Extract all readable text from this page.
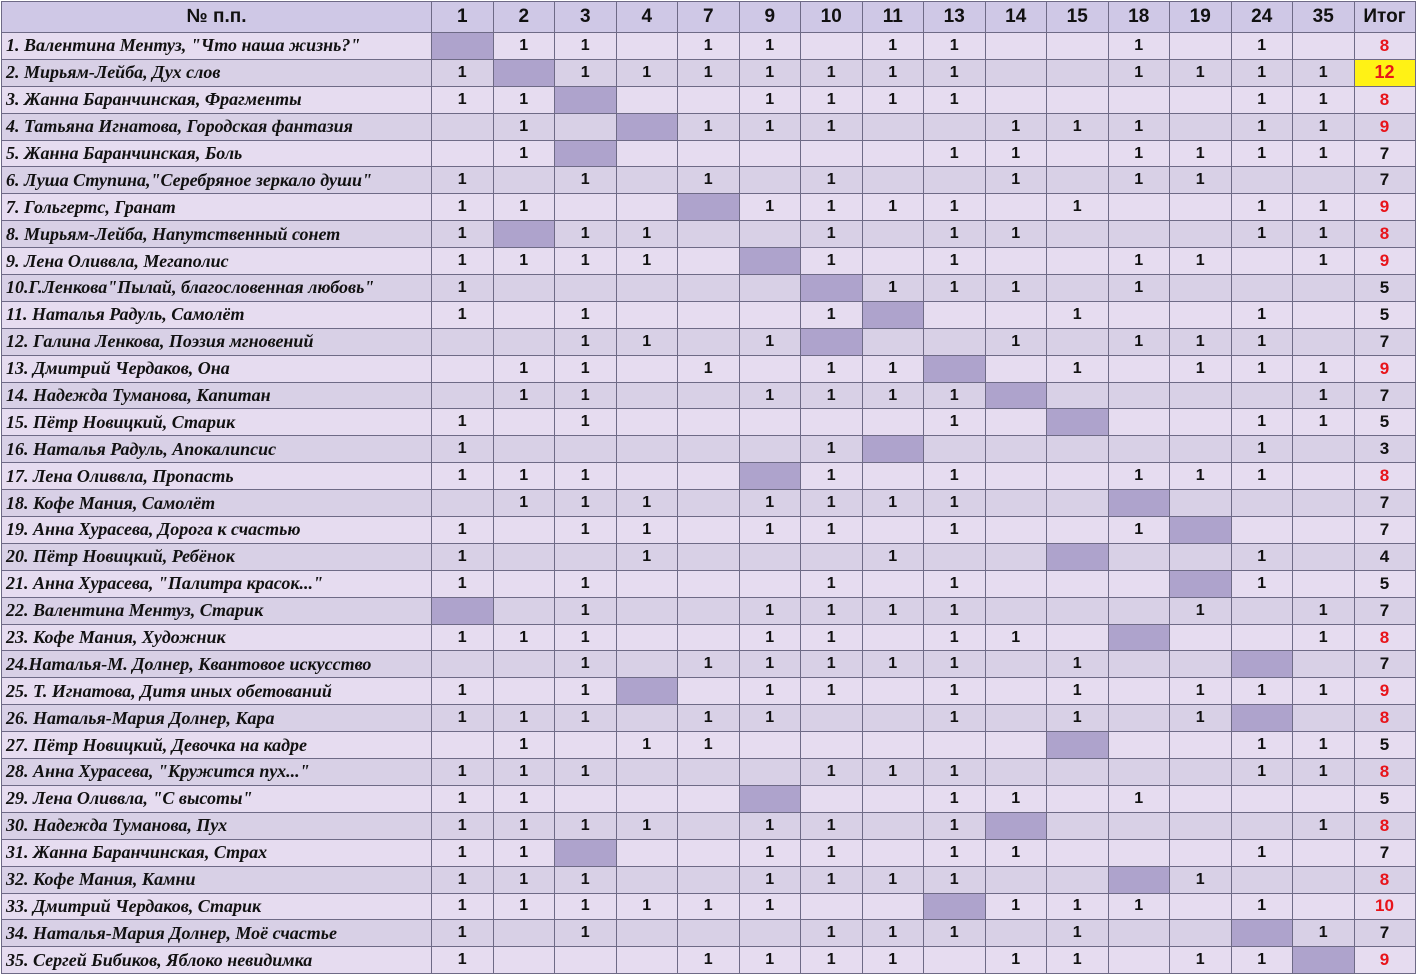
№ п.п.	1	2	3	4	7	9	10	11	13	14	15	18	19	24	35	Итог
1. Валентина Ментуз, "Что наша жизнь?"		1	1		1	1		1	1			1		1		8
2. Мирьям-Лейба, Дух слов	1		1	1	1	1	1	1	1			1	1	1	1	12
3. Жанна Баранчинская, Фрагменты	1	1				1	1	1	1					1	1	8
4. Татьяна Игнатова, Городская фантазия		1			1	1	1			1	1	1		1	1	9
5. Жанна Баранчинская, Боль		1							1	1		1	1	1	1	7
6. Луша Ступина,"Серебряное зеркало души"	1		1		1		1			1		1	1			7
7. Гольгертс, Гранат	1	1				1	1	1	1		1			1	1	9
8. Мирьям-Лейба, Напутственный сонет	1		1	1			1		1	1				1	1	8
9. Лена Оливвла, Мегаполис	1	1	1	1			1		1			1	1		1	9
10.Г.Ленкова"Пылай, благословенная любовь"	1							1	1	1		1				5
11. Наталья Радуль, Самолёт	1		1				1				1			1		5
12. Галина Ленкова, Поэзия мгновений			1	1		1				1		1	1	1		7
13. Дмитрий Чердаков, Она		1	1		1		1	1			1		1	1	1	9
14. Надежда Туманова, Капитан		1	1			1	1	1	1						1	7
15. Пётр Новицкий, Старик	1		1						1					1	1	5
16. Наталья Радуль, Апокалипсис	1						1							1		3
17. Лена Оливвла, Пропасть	1	1	1				1		1			1	1	1		8
18. Кофе Мания, Самолёт		1	1	1		1	1	1	1							7
19. Анна Хурасева, Дорога к счастью	1		1	1		1	1		1			1				7
20. Пётр Новицкий, Ребёнок	1			1				1						1		4
21. Анна Хурасева, "Палитра красок..."	1		1				1		1					1		5
22. Валентина Ментуз, Старик			1			1	1	1	1				1		1	7
23. Кофе Мания, Художник	1	1	1			1	1		1	1					1	8
24.Наталья-М. Долнер, Квантовое искусство			1		1	1	1	1	1		1					7
25. Т. Игнатова, Дитя иных обетований	1		1			1	1		1		1		1	1	1	9
26. Наталья-Мария Долнер, Кара	1	1	1		1	1			1		1		1			8
27. Пётр Новицкий, Девочка на кадре		1		1	1									1	1	5
28. Анна Хурасева, "Кружится пух..."	1	1	1				1	1	1					1	1	8
29. Лена Оливвла, "С высоты"	1	1							1	1		1				5
30. Надежда Туманова, Пух	1	1	1	1		1	1		1						1	8
31. Жанна Баранчинская, Страх	1	1				1	1		1	1				1		7
32. Кофе Мания, Камни	1	1	1			1	1	1	1				1			8
33. Дмитрий Чердаков, Старик	1	1	1	1	1	1				1	1	1		1		10
34. Наталья-Мария Долнер, Моё счастье	1		1				1	1	1		1				1	7
35. Сергей Бибиков, Яблоко невидимка	1				1	1	1	1		1	1		1	1		9
